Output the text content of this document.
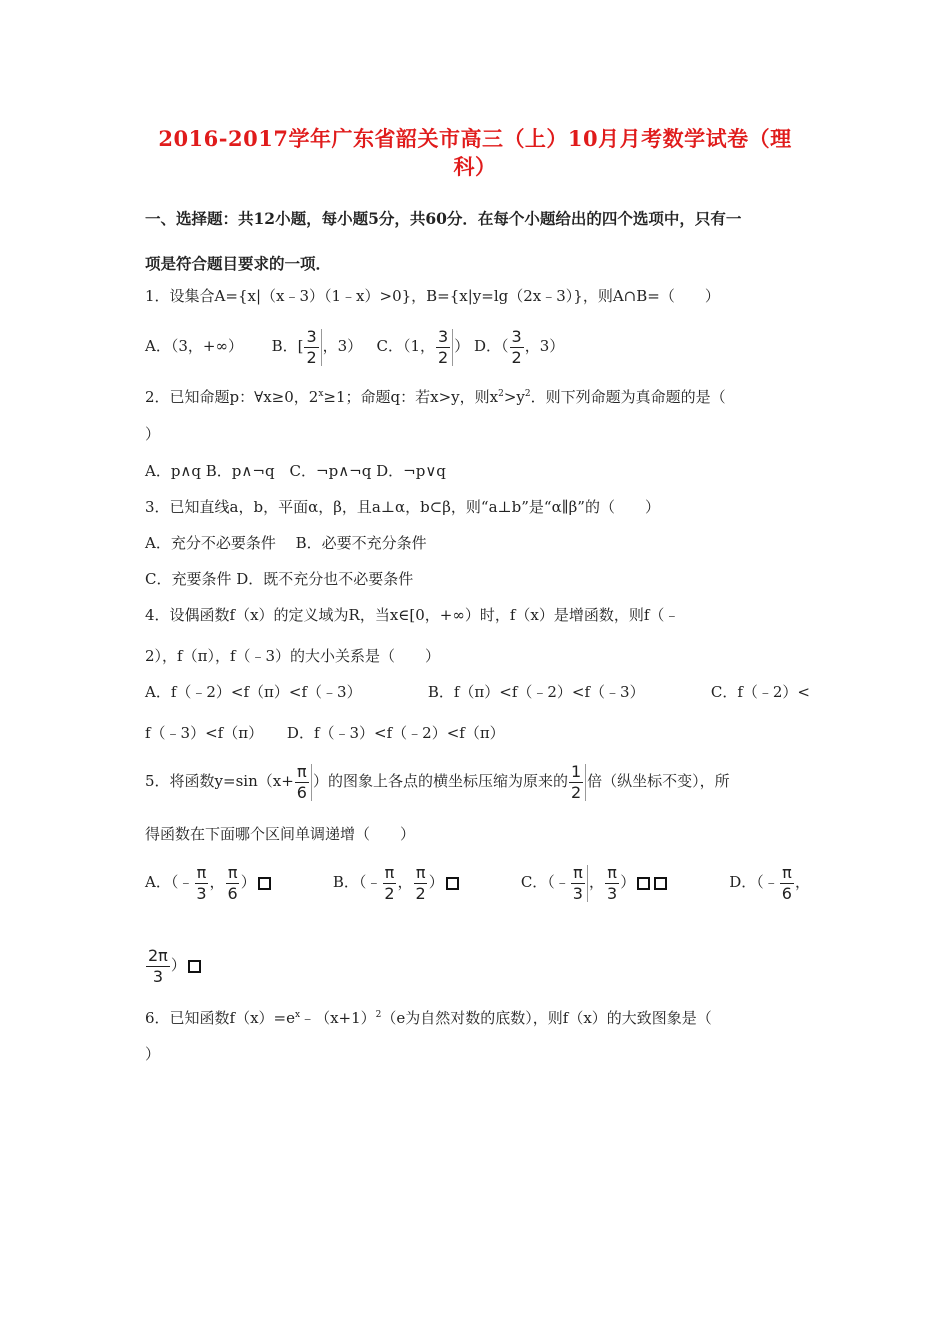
2016-2017学年广东省韶关市高三（上）10月月考数学试卷（理
科）
一、选择题：共12小题，每小题5分，共60分．在每个小题给出的四个选项中，只有一
项是符合题目要求的一项．
1．设集合A={x|（x﹣3）（1﹣x）>0}，B={x|y=lg（2x﹣3）}，则A∩B=（　　）
A．（3，+∞） B．[ $\frac{3}{2}$ ，3） C．（1， $\frac{3}{2}$ ） D．（ $\frac{3}{2}$ ，3）
2．已知命题p：∀x≥0，$2^x\ge 1$；命题q：若x>y，则$x^2>y^2$．则下列命题为真命题的是（
）
A．p∧q B．p∧¬q　C．¬p∧¬q D．¬p∨q
3．已知直线a，b，平面α，β，且a⊥α，b⊂β，则“a⊥b”是“α∥β”的（　　）
A．充分不必要条件　 B．必要不充分条件
C．充要条件 D．既不充分也不必要条件
4．设偶函数f（x）的定义域为R，当x∈[0，+∞）时，f（x）是增函数，则f（﹣
2），f（π），f（﹣3）的大小关系是（　　）
A．f（﹣2）<f（π）<f（﹣3）	B．f（π）<f（﹣2）<f（﹣3）	C．f（﹣2）<
f（﹣3）<f（π） D．f（﹣3）<f（﹣2）<f（π）
5．将函数$y=\sin(x+ \frac{\pi}{6}$ ）的图象上各点的横坐标压缩为原来的 $\frac{1}{2}$ 倍（纵坐标不变），所
得函数在下面哪个区间单调递增（　　）
A．（﹣ $\frac{\pi}{3}$ ， $\frac{\pi}{6}$ ）	B．（﹣ $\frac{\pi}{2}$ ， $\frac{\pi}{2}$ ）	C．（﹣ $\frac{\pi}{3}$ ， $\frac{\pi}{3}$ ）	D．（﹣ $\frac{\pi}{6}$ ，
$\frac{2\pi}{3}$ ）
6．已知函数$f(x)=e^x﹣(x+1)^2(e$为自然对数的底数），则f（x）的大致图象是（
）
